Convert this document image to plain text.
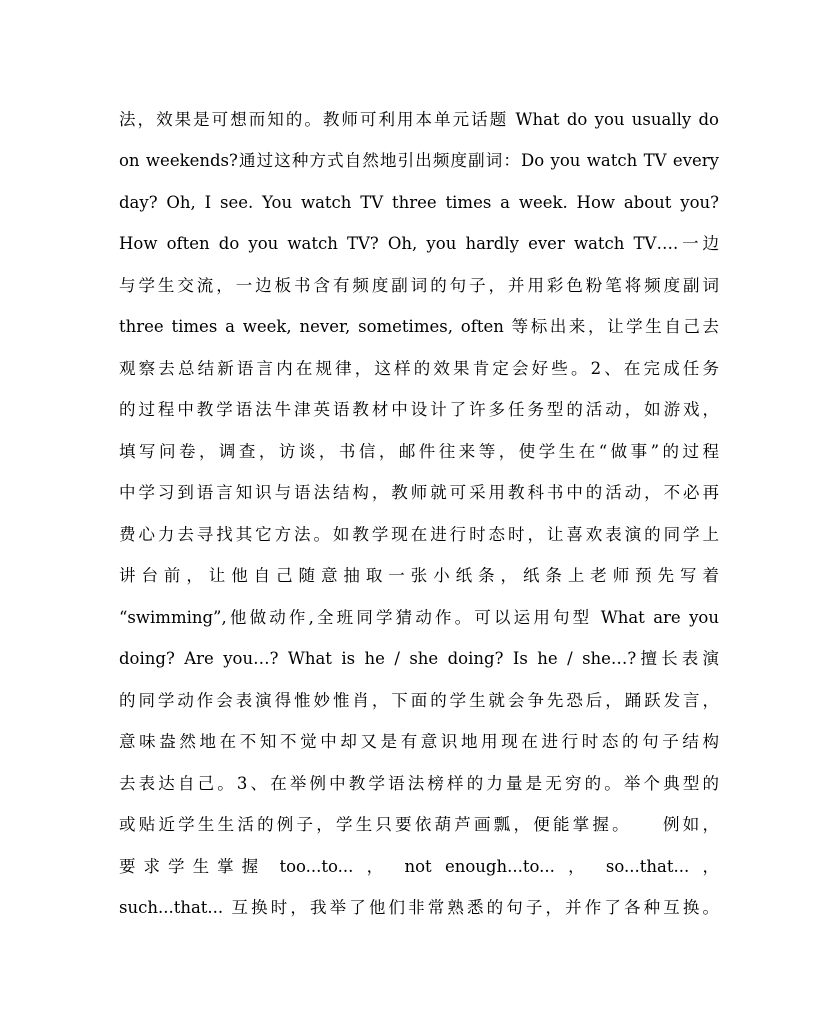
法，效果是可想而知的。教师可利用本单元话题 What do you usually do
on weekends?通过这种方式自然地引出频度副词：Do you watch TV every
day? Oh, I see. You watch TV three times a week. How about you?
How often do you watch TV? Oh, you hardly ever watch TV….一边
与学生交流，一边板书含有频度副词的句子，并用彩色粉笔将频度副词
three times a week, never, sometimes, often 等标出来，让学生自己去
观察去总结新语言内在规律，这样的效果肯定会好些。2、在完成任务
的过程中教学语法牛津英语教材中设计了许多任务型的活动，如游戏，
填写问卷，调查，访谈，书信，邮件往来等，使学生在“做事”的过程
中学习到语言知识与语法结构，教师就可采用教科书中的活动，不必再
费心力去寻找其它方法。如教学现在进行时态时，让喜欢表演的同学上
讲台前，让他自己随意抽取一张小纸条，纸条上老师预先写着
“swimming”,他做动作,全班同学猜动作。可以运用句型 What are you
doing? Are you…? What is he / she doing? Is he / she…?擅长表演
的同学动作会表演得惟妙惟肖，下面的学生就会争先恐后，踊跃发言，
意味盎然地在不知不觉中却又是有意识地用现在进行时态的句子结构
去表达自己。3、在举例中教学语法榜样的力量是无穷的。举个典型的
或贴近学生生活的例子，学生只要依葫芦画瓢，便能掌握。　　例如，
要求学生掌握 too...to... ， not enough...to... ， so...that... ，
such...that... 互换时，我举了他们非常熟悉的句子，并作了各种互换。
